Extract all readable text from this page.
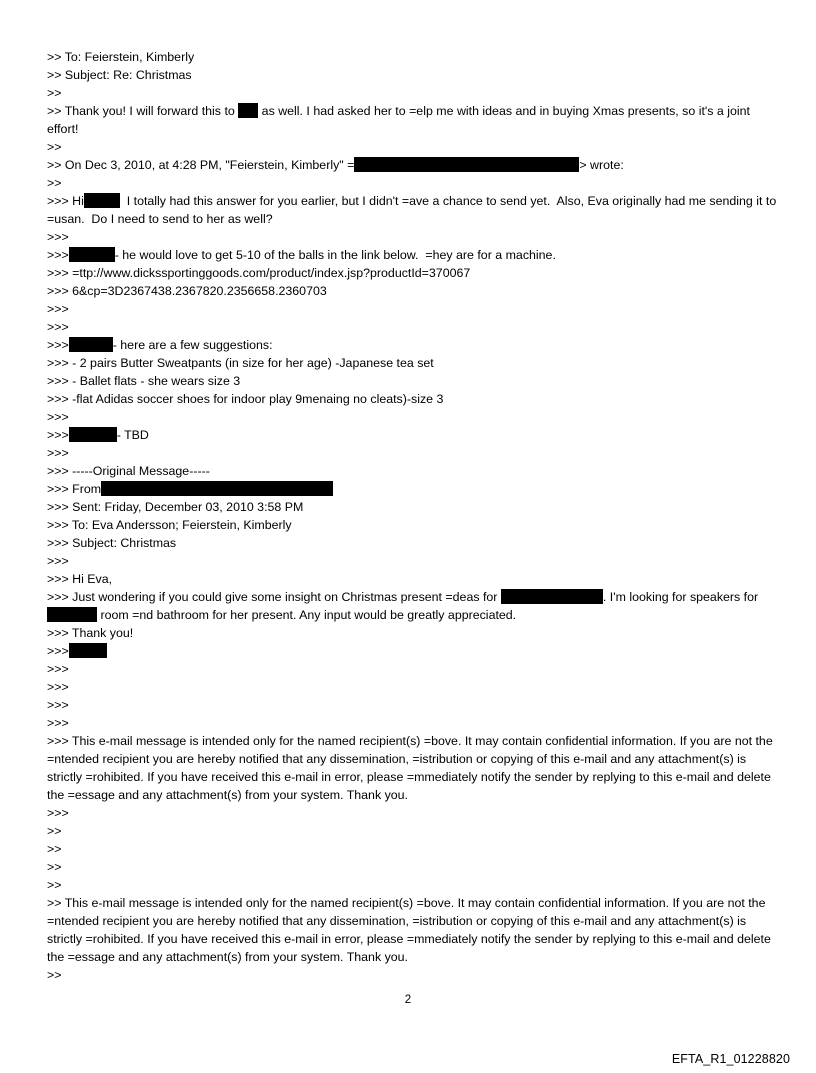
>> To: Feierstein, Kimberly
>> Subject: Re: Christmas
>>
>> Thank you! I will forward this to  as well. I had asked her to =elp me with ideas and in buying Xmas presents, so it's a joint effort!
>>
>> On Dec 3, 2010, at 4:28 PM, "Feierstein, Kimberly" =	> wrote:
>>
>>> Hi	I totally had this answer for you earlier, but I didn't =ave a chance to send yet.  Also, Eva originally had me sending it to =usan.  Do I need to send to her as well?
>>>
>>>	- he would love to get 5-10 of the balls in the link below.  =hey are for a machine.
>>> =ttp://www.dickssportinggoods.com/product/index.jsp?productId=370067
>>> 6&cp=3D2367438.2367820.2356658.2360703
>>>
>>>
>>>	- here are a few suggestions:
>>> - 2 pairs Butter Sweatpants (in size for her age) -Japanese tea set
>>> - Ballet flats - she wears size 3
>>> -flat Adidas soccer shoes for indoor play 9menaing no cleats)-size 3
>>>
>>>	- TBD
>>>
>>> -----Original Message-----
>>> From
>>> Sent: Friday, December 03, 2010 3:58 PM
>>> To: Eva Andersson; Feierstein, Kimberly
>>> Subject: Christmas
>>>
>>> Hi Eva,
>>> Just wondering if you could give some insight on Christmas present =deas for	. I'm looking for speakers for  room =nd bathroom for her present. Any input would be greatly appreciated.
>>> Thank you!
>>>
>>>
>>>
>>>
>>>
>>> This e-mail message is intended only for the named recipient(s) =bove. It may contain confidential information. If you are not the =ntended recipient you are hereby notified that any dissemination, =istribution or copying of this e-mail and any attachment(s) is strictly =rohibited. If you have received this e-mail in error, please =mmediately notify the sender by replying to this e-mail and delete the =essage and any attachment(s) from your system. Thank you.
>>>
>>
>>
>>
>>
>> This e-mail message is intended only for the named recipient(s) =bove. It may contain confidential information. If you are not the =ntended recipient you are hereby notified that any dissemination, =istribution or copying of this e-mail and any attachment(s) is strictly =rohibited. If you have received this e-mail in error, please =mmediately notify the sender by replying to this e-mail and delete the =essage and any attachment(s) from your system. Thank you.
>>
2
EFTA_R1_01228820
